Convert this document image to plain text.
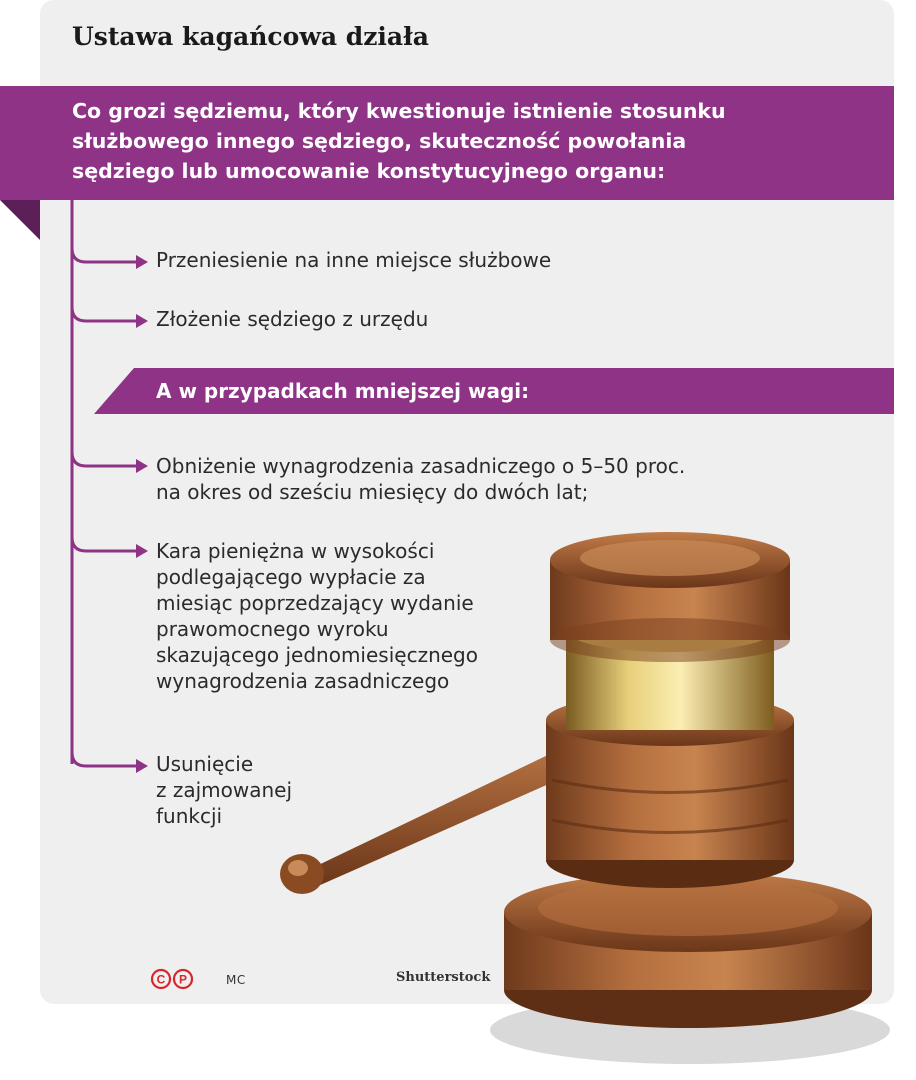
Ustawa kagańcowa działa
Co grozi sędziemu, który kwestionuje istnienie stosunku
służbowego innego sędziego, skuteczność powołania
sędziego lub umocowanie konstytucyjnego organu:
Przeniesienie na inne miejsce służbowe
Złożenie sędziego z urzędu
A w przypadkach mniejszej wagi:
Obniżenie wynagrodzenia zasadniczego o 5–50 proc.
na okres od sześciu miesięcy do dwóch lat;
Kara pieniężna w wysokości
podlegającego wypłacie za
miesiąc poprzedzający wydanie
prawomocnego wyroku
skazującego jednomiesięcznego
wynagrodzenia zasadniczego
Usunięcie
z zajmowanej
funkcji
C P	MC	Shutterstock
